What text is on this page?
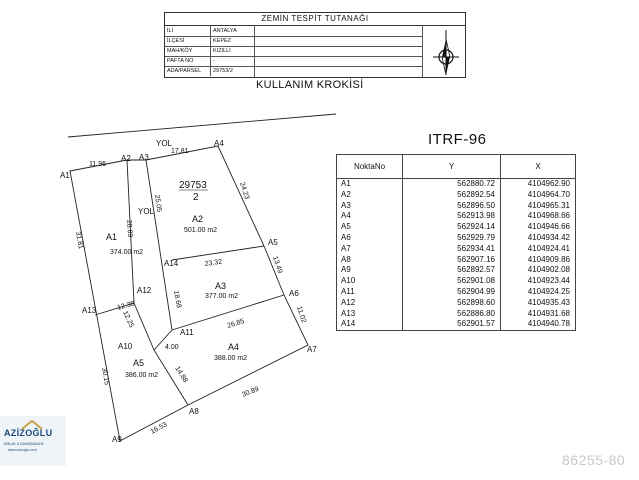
ZEMİN TESPİT TUTANAĞI
İLİ	ANTALYA
İLÇESİ	KEPEZ
MAH/KÖY	KIZILLI
PAFTA NO	-
ADA/PARSEL	29753/2
KULLANIM KROKİSİ
YOL
YOL
29753
2
A1
A2 A3
A4
A5
A6
A7
A8
A9
A10
A11
A12
A13
A14
A1
374.00 m2
A2
501.00 m2
A3
377.00 m2
A4
388.00 m2
A5
386.00 m2
11.96
17.81
24.23
13.49
11.02
30.89
16.53
30.15
31.81
28.89
25.05
23.32
12.38
12.25
18.68
26.85
4.00
14.88
ITRF-96
NoktaNo	Y	X
A1	562880.72	4104962.90
A2	562892.54	4104964.70
A3	562896.50	4104965.31
A4	562913.98	4104968.66
A5	562924.14	4104946.66
A6	562929.79	4104934.42
A7	562934.41	4104924.41
A8	562907.16	4104909.86
A9	562892.57	4104902.08
A10	562901.08	4104923.44
A11	562904.99	4104924.25
A12	562898.60	4104935.43
A13	562886.80	4104931.68
A14	562901.57	4104940.78
AZİZOĞLU
EMLAK & DANIŞMANLIK
www.azizoglu.com
86255-80
